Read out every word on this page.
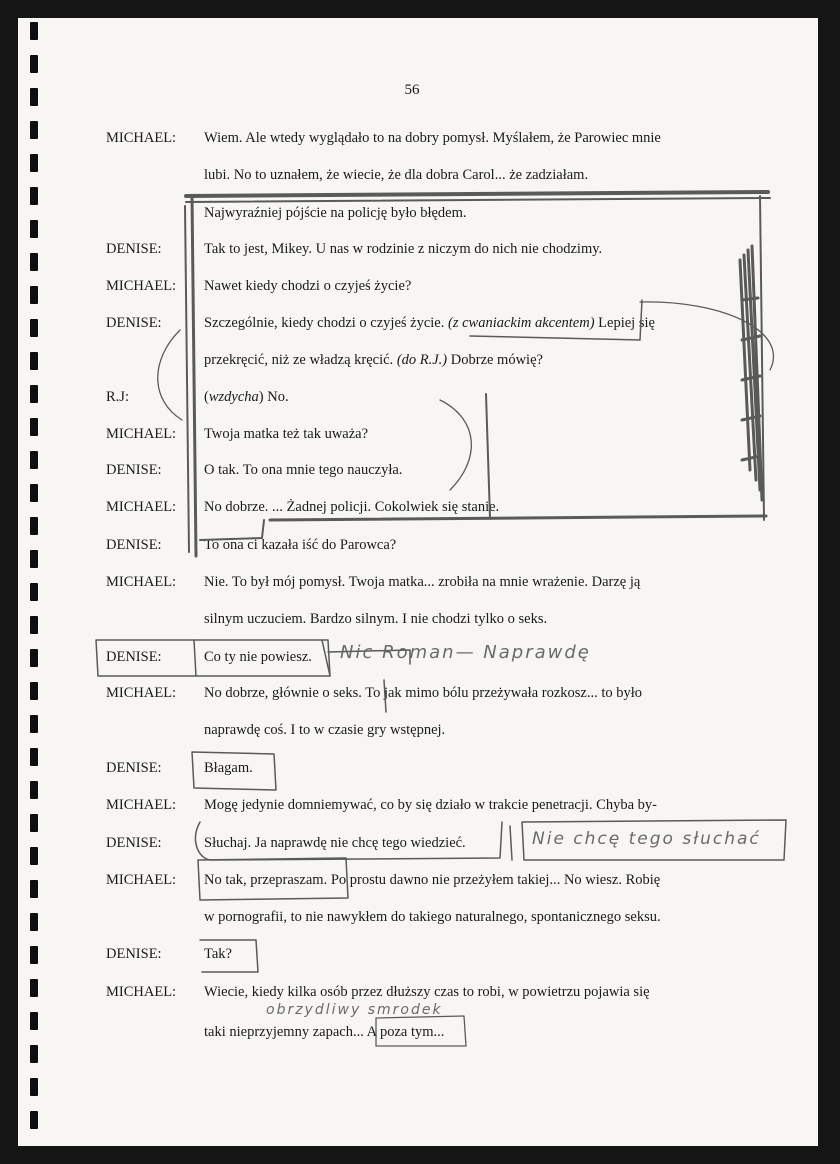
56
MICHAEL: Wiem. Ale wtedy wyglądało to na dobry pomysł. Myślałem, że Parowiec mnie
lubi. No to uznałem, że wiecie, że dla dobra Carol... że zadziałam.
Najwyraźniej pójście na policję było błędem.
DENISE:	Tak to jest, Mikey. U nas w rodzinie z niczym do nich nie chodzimy.
MICHAEL: Nawet kiedy chodzi o czyjeś życie?
DENISE:	Szczególnie, kiedy chodzi o czyjeś życie. (z cwaniackim akcentem) Lepiej się
przekręcić, niż ze władzą kręcić. (do R.J.) Dobrze mówię?
R.J:	(wzdycha) No.
MICHAEL: Twoja matka też tak uważa?
DENISE:	O tak. To ona mnie tego nauczyła.
MICHAEL: No dobrze. ... Żadnej policji. Cokolwiek się stanie.
DENISE:	To ona ci kazała iść do Parowca?
MICHAEL: Nie. To był mój pomysł. Twoja matka... zrobiła na mnie wrażenie. Darzę ją
silnym uczuciem. Bardzo silnym. I nie chodzi tylko o seks.
DENISE:	Co ty nie powiesz.
MICHAEL: No dobrze, głównie o seks. To jak mimo bólu przeżywała rozkosz... to było
naprawdę coś. I to w czasie gry wstępnej.
DENISE:	Błagam.
MICHAEL: Mogę jedynie domniemywać, co by się działo w trakcie penetracji. Chyba by-
DENISE:	Słuchaj. Ja naprawdę nie chcę tego wiedzieć.
MICHAEL: No tak, przepraszam. Po prostu dawno nie przeżyłem takiej... No wiesz. Robię
w pornografii, to nie nawykłem do takiego naturalnego, spontanicznego seksu.
DENISE:	Tak?
MICHAEL: Wiecie, kiedy kilka osób przez dłuższy czas to robi, w powietrzu pojawia się
taki nieprzyjemny zapach... A poza tym...
Nic Roman— Naprawdę
Nie chcę tego słuchać
obrzydliwy smrodek
